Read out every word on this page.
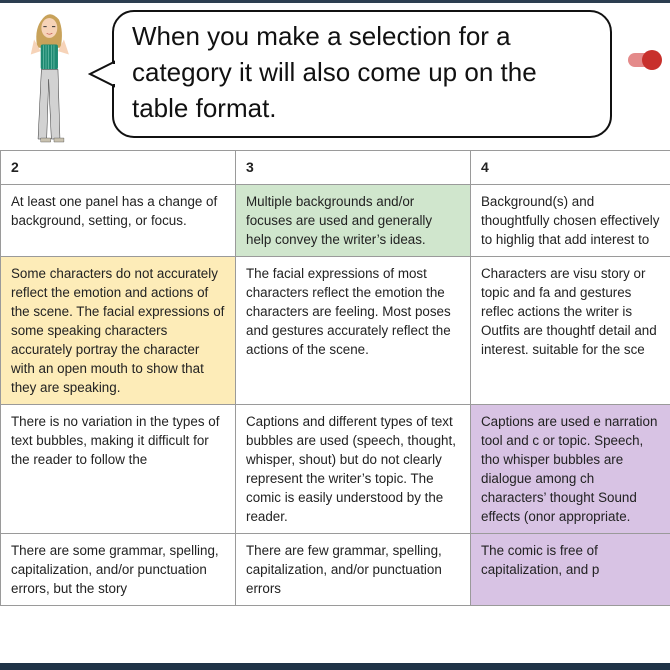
When you make a selection for a category it will also come up on the table format.
2	3	4
At least one panel has a change of background, setting, or focus.	Multiple backgrounds and/or focuses are used and generally help convey the writer’s ideas.	Background(s) and thoughtfully chosen effectively to highlig that add interest to
Some characters do not accurately reflect the emotion and actions of the scene. The facial expressions of some speaking characters accurately portray the character with an open mouth to show that they are speaking.	The facial expressions of most characters reflect the emotion the characters are feeling. Most poses and gestures accurately reflect the actions of the scene.	Characters are visu story or topic and fa and gestures reflec actions the writer is Outfits are thoughtf detail and interest. suitable for the sce
There is no variation in the types of text bubbles, making it difficult for the reader to follow the	Captions and different types of text bubbles are used (speech, thought, whisper, shout) but do not clearly represent the writer’s topic. The comic is easily understood by the reader.	Captions are used e narration tool and c or topic. Speech, tho whisper bubbles are dialogue among ch characters’ thought Sound effects (onor appropriate.
There are some grammar, spelling, capitalization, and/or punctuation errors, but the story	There are few grammar, spelling, capitalization, and/or punctuation errors	The comic is free of capitalization, and p
